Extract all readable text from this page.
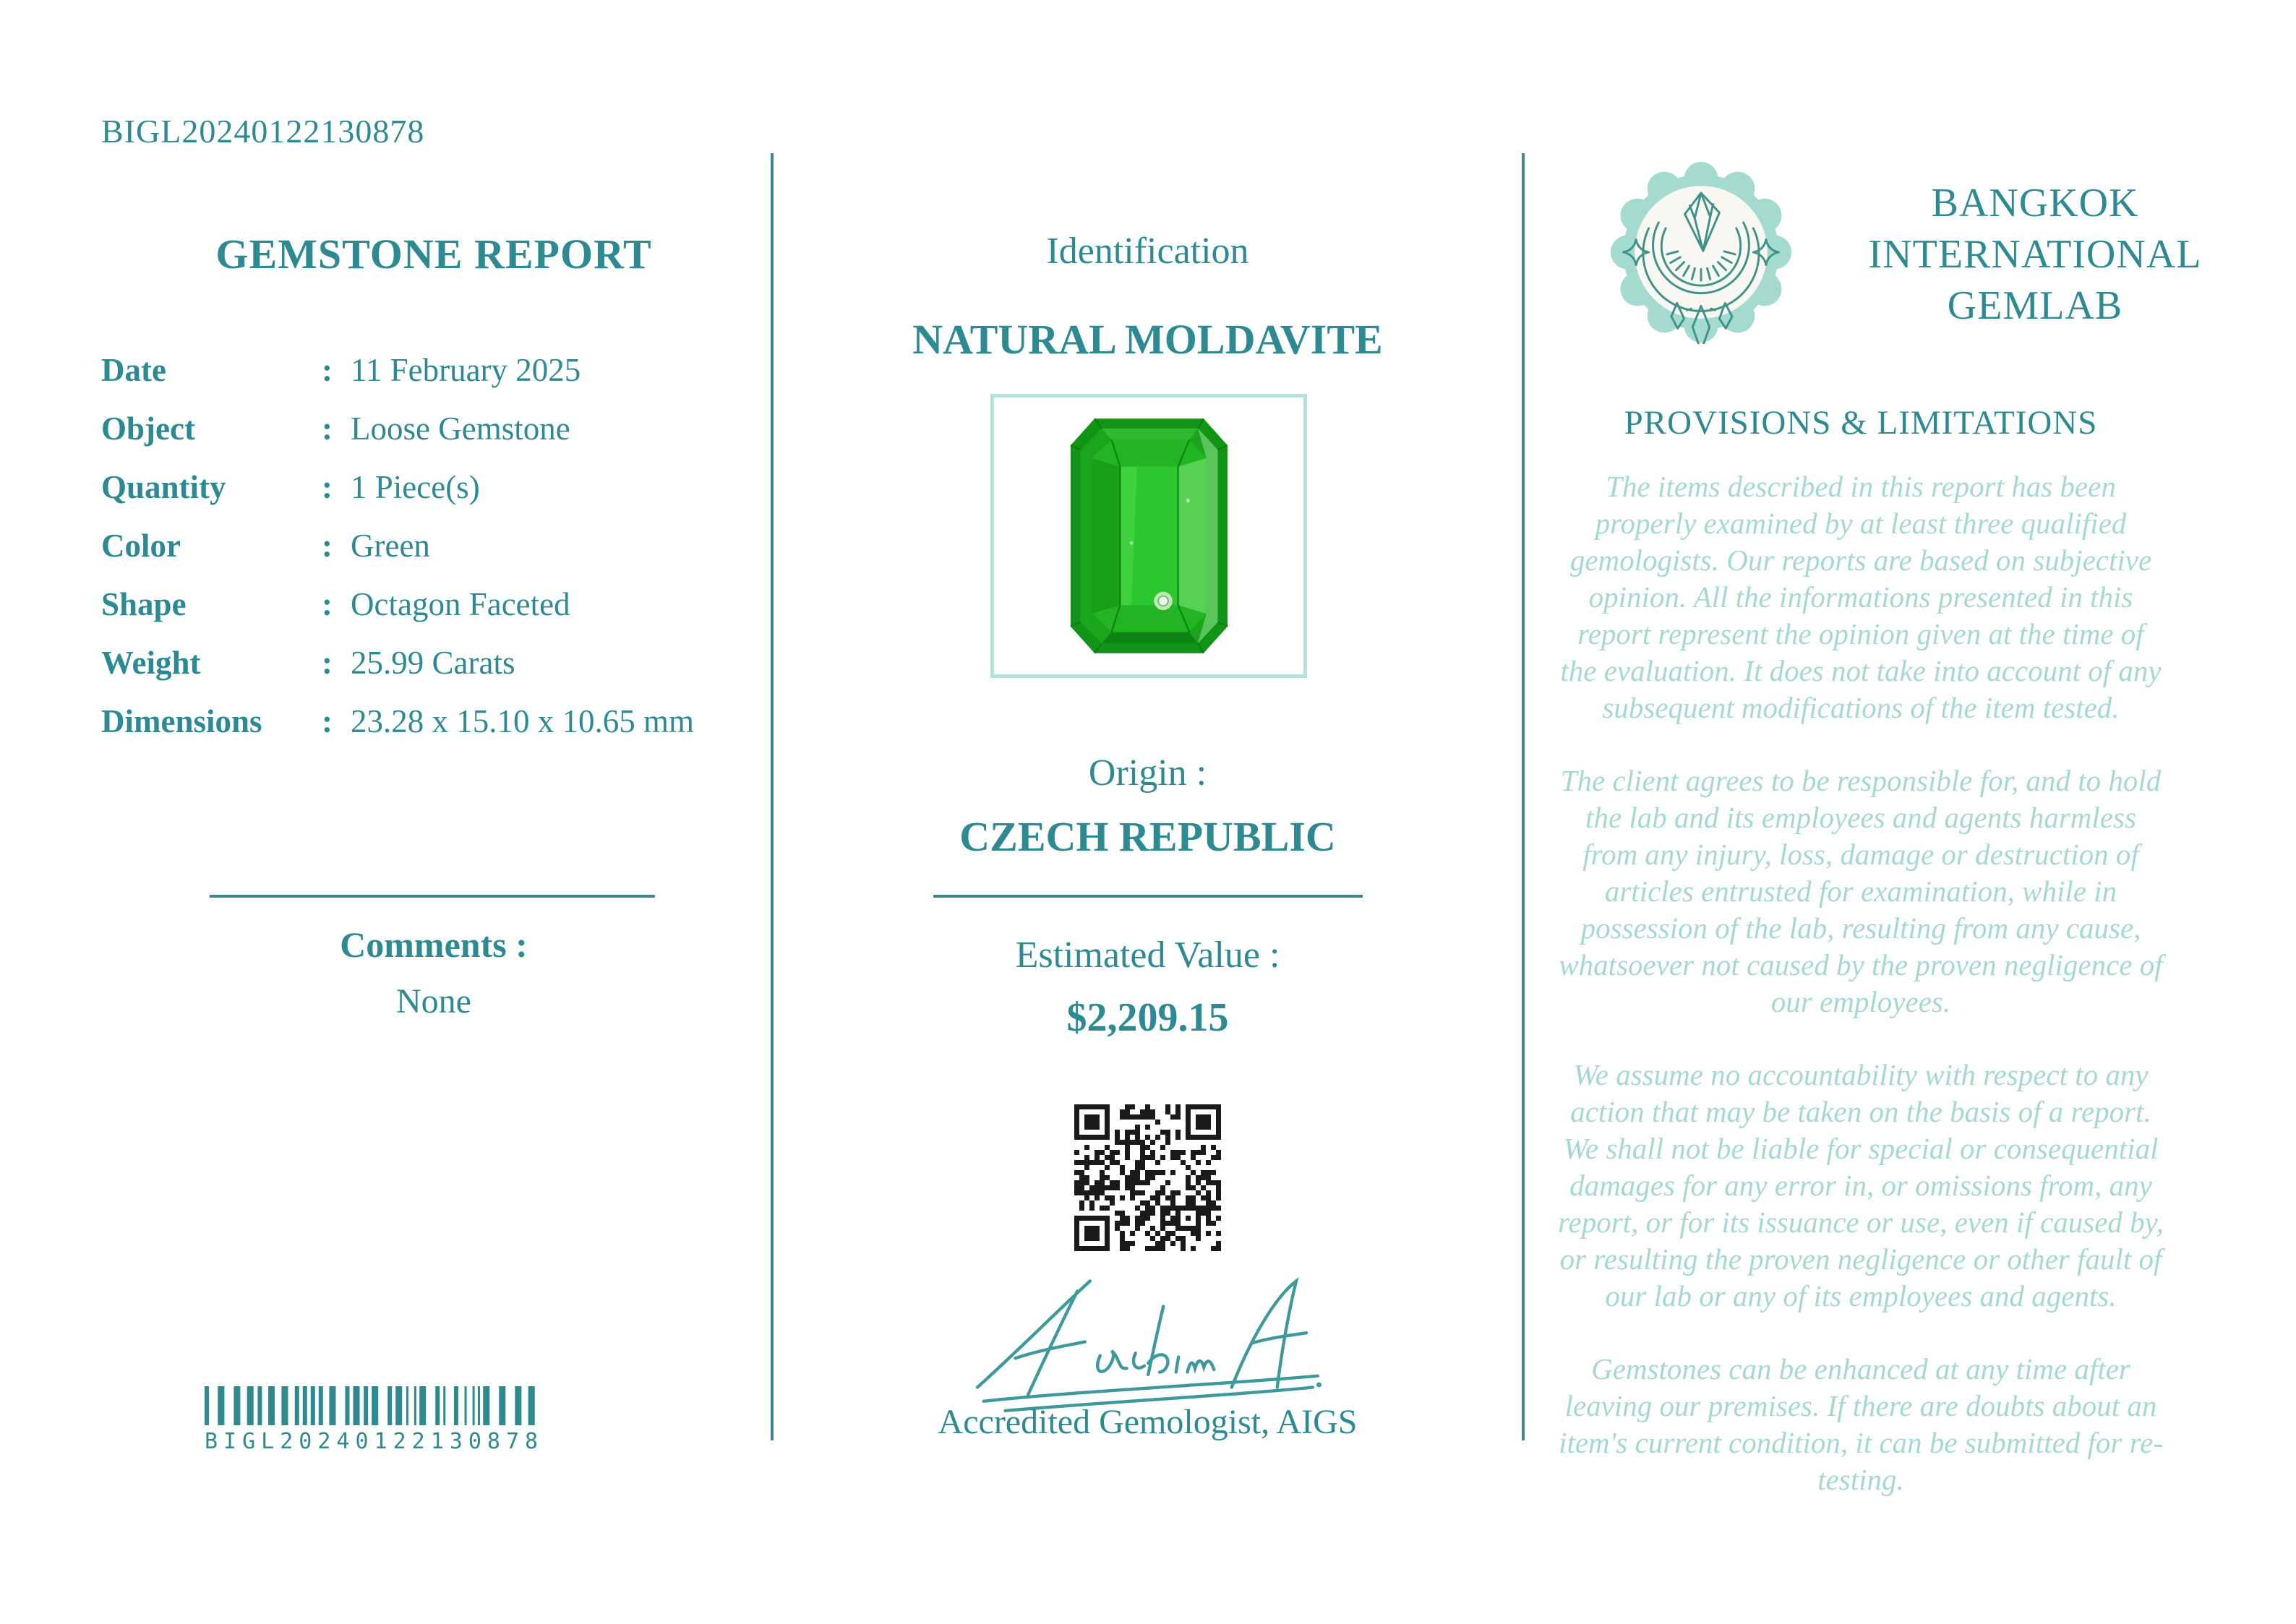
BIGL20240122130878
GEMSTONE REPORT
Date	: 11 February 2025
Object	: Loose Gemstone
Quantity	: 1 Piece(s)
Color	: Green
Shape	: Octagon Faceted
Weight	: 25.99 Carats
Dimensions	: 23.28 x 15.10 x 10.65 mm
Comments :
None
BIGL20240122130878
Identification
NATURAL MOLDAVITE
Origin :
CZECH REPUBLIC
Estimated Value :
$2,209.15
Accredited Gemologist, AIGS
BANGKOK
INTERNATIONAL
GEMLAB
PROVISIONS & LIMITATIONS

The items described in this report has been properly examined by at least three qualified gemologists. Our reports are based on subjective opinion. All the informations presented in this report represent the opinion given at the time of the evaluation. It does not take into account of any subsequent modifications of the item tested.

The client agrees to be responsible for, and to hold the lab and its employees and agents harmless from any injury, loss, damage or destruction of articles entrusted for examination, while in possession of the lab, resulting from any cause, whatsoever not caused by the proven negligence of our employees.

We assume no accountability with respect to any action that may be taken on the basis of a report. We shall not be liable for special or consequential damages for any error in, or omissions from, any report, or for its issuance or use, even if caused by, or resulting the proven negligence or other fault of our lab or any of its employees and agents.

Gemstones can be enhanced at any time after leaving our premises. If there are doubts about an item's current condition, it can be submitted for re-testing.
